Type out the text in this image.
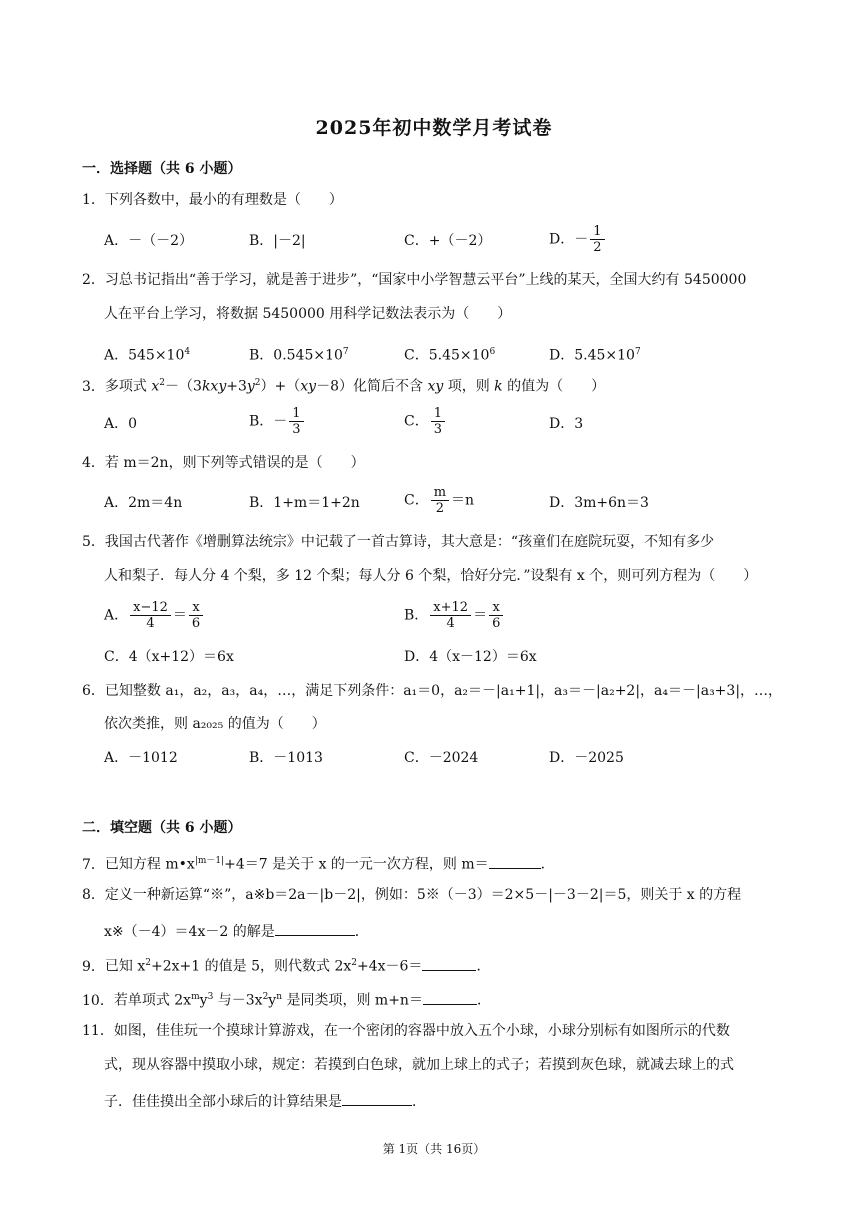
2025年初中数学月考试卷
一．选择题（共 6 小题）
1．下列各数中，最小的有理数是（　　）
A．－（－2）	B．|－2|	C．+（－2）	D．－ $\frac{1}{2}$
2．习总书记指出“善于学习，就是善于进步”，“国家中小学智慧云平台”上线的某天，全国大约有 5450000
人在平台上学习，将数据 5450000 用科学记数法表示为（　　）
A．$545\times 10^4$	B．$0.545\times 10^7$	C．$5.45\times 10^6$	D．$5.45\times 10^7$
3．多项式 $x^2-(3kxy+3y^2)+(xy-8)$化简后不含 xy 项，则 k 的值为（　　）
A．0	B．－ $\frac{1}{3}$	C． $\frac{1}{3}$	D．3
4．若 m＝2n，则下列等式错误的是（　　）
A．2m＝4n	B．1+m＝1+2n	C． $\frac{m}{2} =n$	D．3m+6n＝3
5．我国古代著作《增删算法统宗》中记载了一首古算诗，其大意是：“孩童们在庭院玩耍，不知有多少
人和梨子．每人分 4 个梨，多 12 个梨；每人分 6 个梨，恰好分完．”设梨有 x 个，则可列方程为（　　）
A． $\frac{x-12}{4} = \frac{x}{6}$	B． $\frac{x+12}{4} = \frac{x}{6}$
C．4（x+12）＝6x	D．4（x－12）＝6x
6．已知整数 a₁，a₂，a₃，a₄，…，满足下列条件：a₁＝0，a₂＝－|a₁+1|，a₃＝－|a₂+2|，a₄＝－|a₃+3|，…，
依次类推，则 a₂₀₂₅ 的值为（　　）
A．－1012	B．－1013	C．－2024	D．－2025
二．填空题（共 6 小题）
7．已知方程 $m•x^{|m-1|}+4=7$ 是关于 x 的一元一次方程，则 m＝	．
8．定义一种新运算“※”，a※b＝2a－|b－2|，例如：5※（－3）＝2×5－|－3－2|＝5，则关于 x 的方程
x※（－4）＝4x－2 的解是	．
9．已知 $x^2+2x+1$ 的值是 5，则代数式 $2x^2+4x-6=$	．
10．若单项式 $2x^my^3$ 与$-3x^2y^n$ 是同类项，则 m+n＝	．
11．如图，佳佳玩一个摸球计算游戏，在一个密闭的容器中放入五个小球，小球分别标有如图所示的代数
式，现从容器中摸取小球，规定：若摸到白色球，就加上球上的式子；若摸到灰色球，就减去球上的式
子．佳佳摸出全部小球后的计算结果是	．
第 1页（共 16页）
